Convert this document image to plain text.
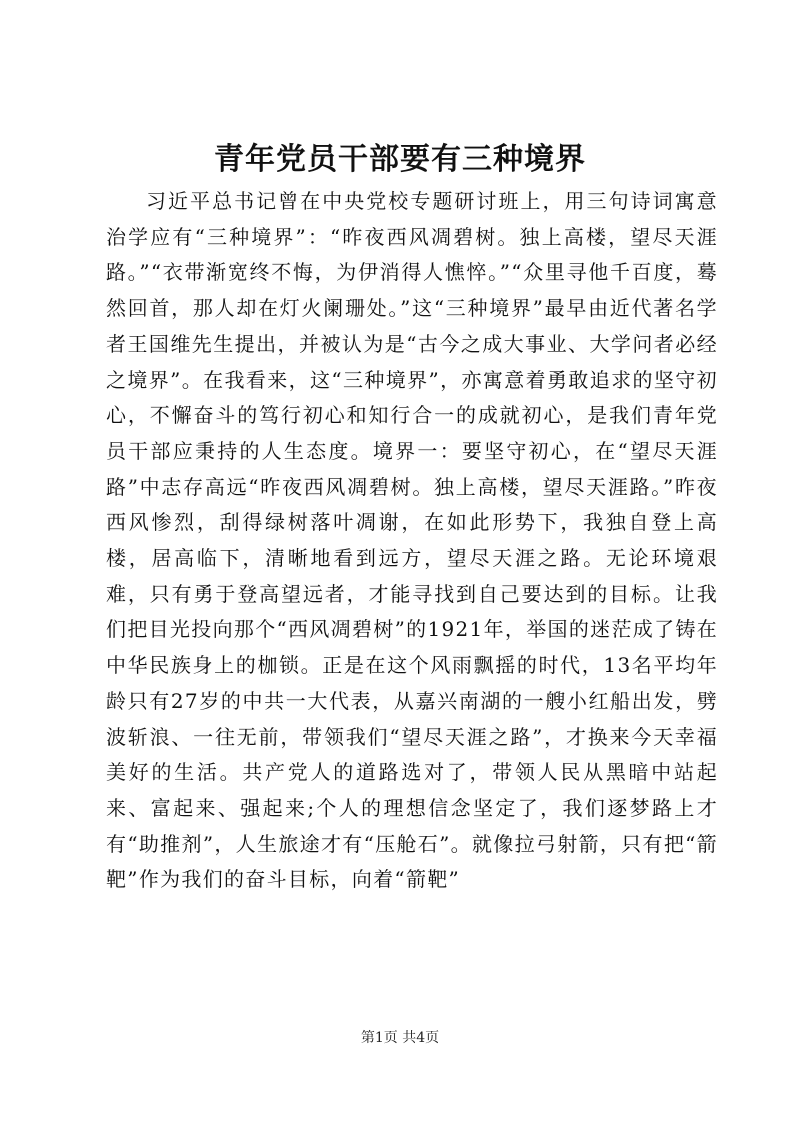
青年党员干部要有三种境界

习近平总书记曾在中央党校专题研讨班上，用三句诗词寓意治学应有“三种境界”：“昨夜西风凋碧树。独上高楼，望尽天涯路。”“衣带渐宽终不悔，为伊消得人憔悴。”“众里寻他千百度，蓦然回首，那人却在灯火阑珊处。”这“三种境界”最早由近代著名学者王国维先生提出，并被认为是“古今之成大事业、大学问者必经之境界”。在我看来，这“三种境界”，亦寓意着勇敢追求的坚守初心，不懈奋斗的笃行初心和知行合一的成就初心，是我们青年党员干部应秉持的人生态度。境界一：要坚守初心，在“望尽天涯路”中志存高远“昨夜西风凋碧树。独上高楼，望尽天涯路。”昨夜西风惨烈，刮得绿树落叶凋谢，在如此形势下，我独自登上高楼，居高临下，清晰地看到远方，望尽天涯之路。无论环境艰难，只有勇于登高望远者，才能寻找到自己要达到的目标。让我们把目光投向那个“西风凋碧树”的1921年，举国的迷茫成了铸在中华民族身上的枷锁。正是在这个风雨飘摇的时代，13名平均年龄只有27岁的中共一大代表，从嘉兴南湖的一艘小红船出发，劈波斩浪、一往无前，带领我们“望尽天涯之路”，才换来今天幸福美好的生活。共产党人的道路选对了，带领人民从黑暗中站起来、富起来、强起来;个人的理想信念坚定了，我们逐梦路上才有“助推剂”，人生旅途才有“压舱石”。就像拉弓射箭，只有把“箭靶”作为我们的奋斗目标，向着“箭靶”

第1页 共4页
